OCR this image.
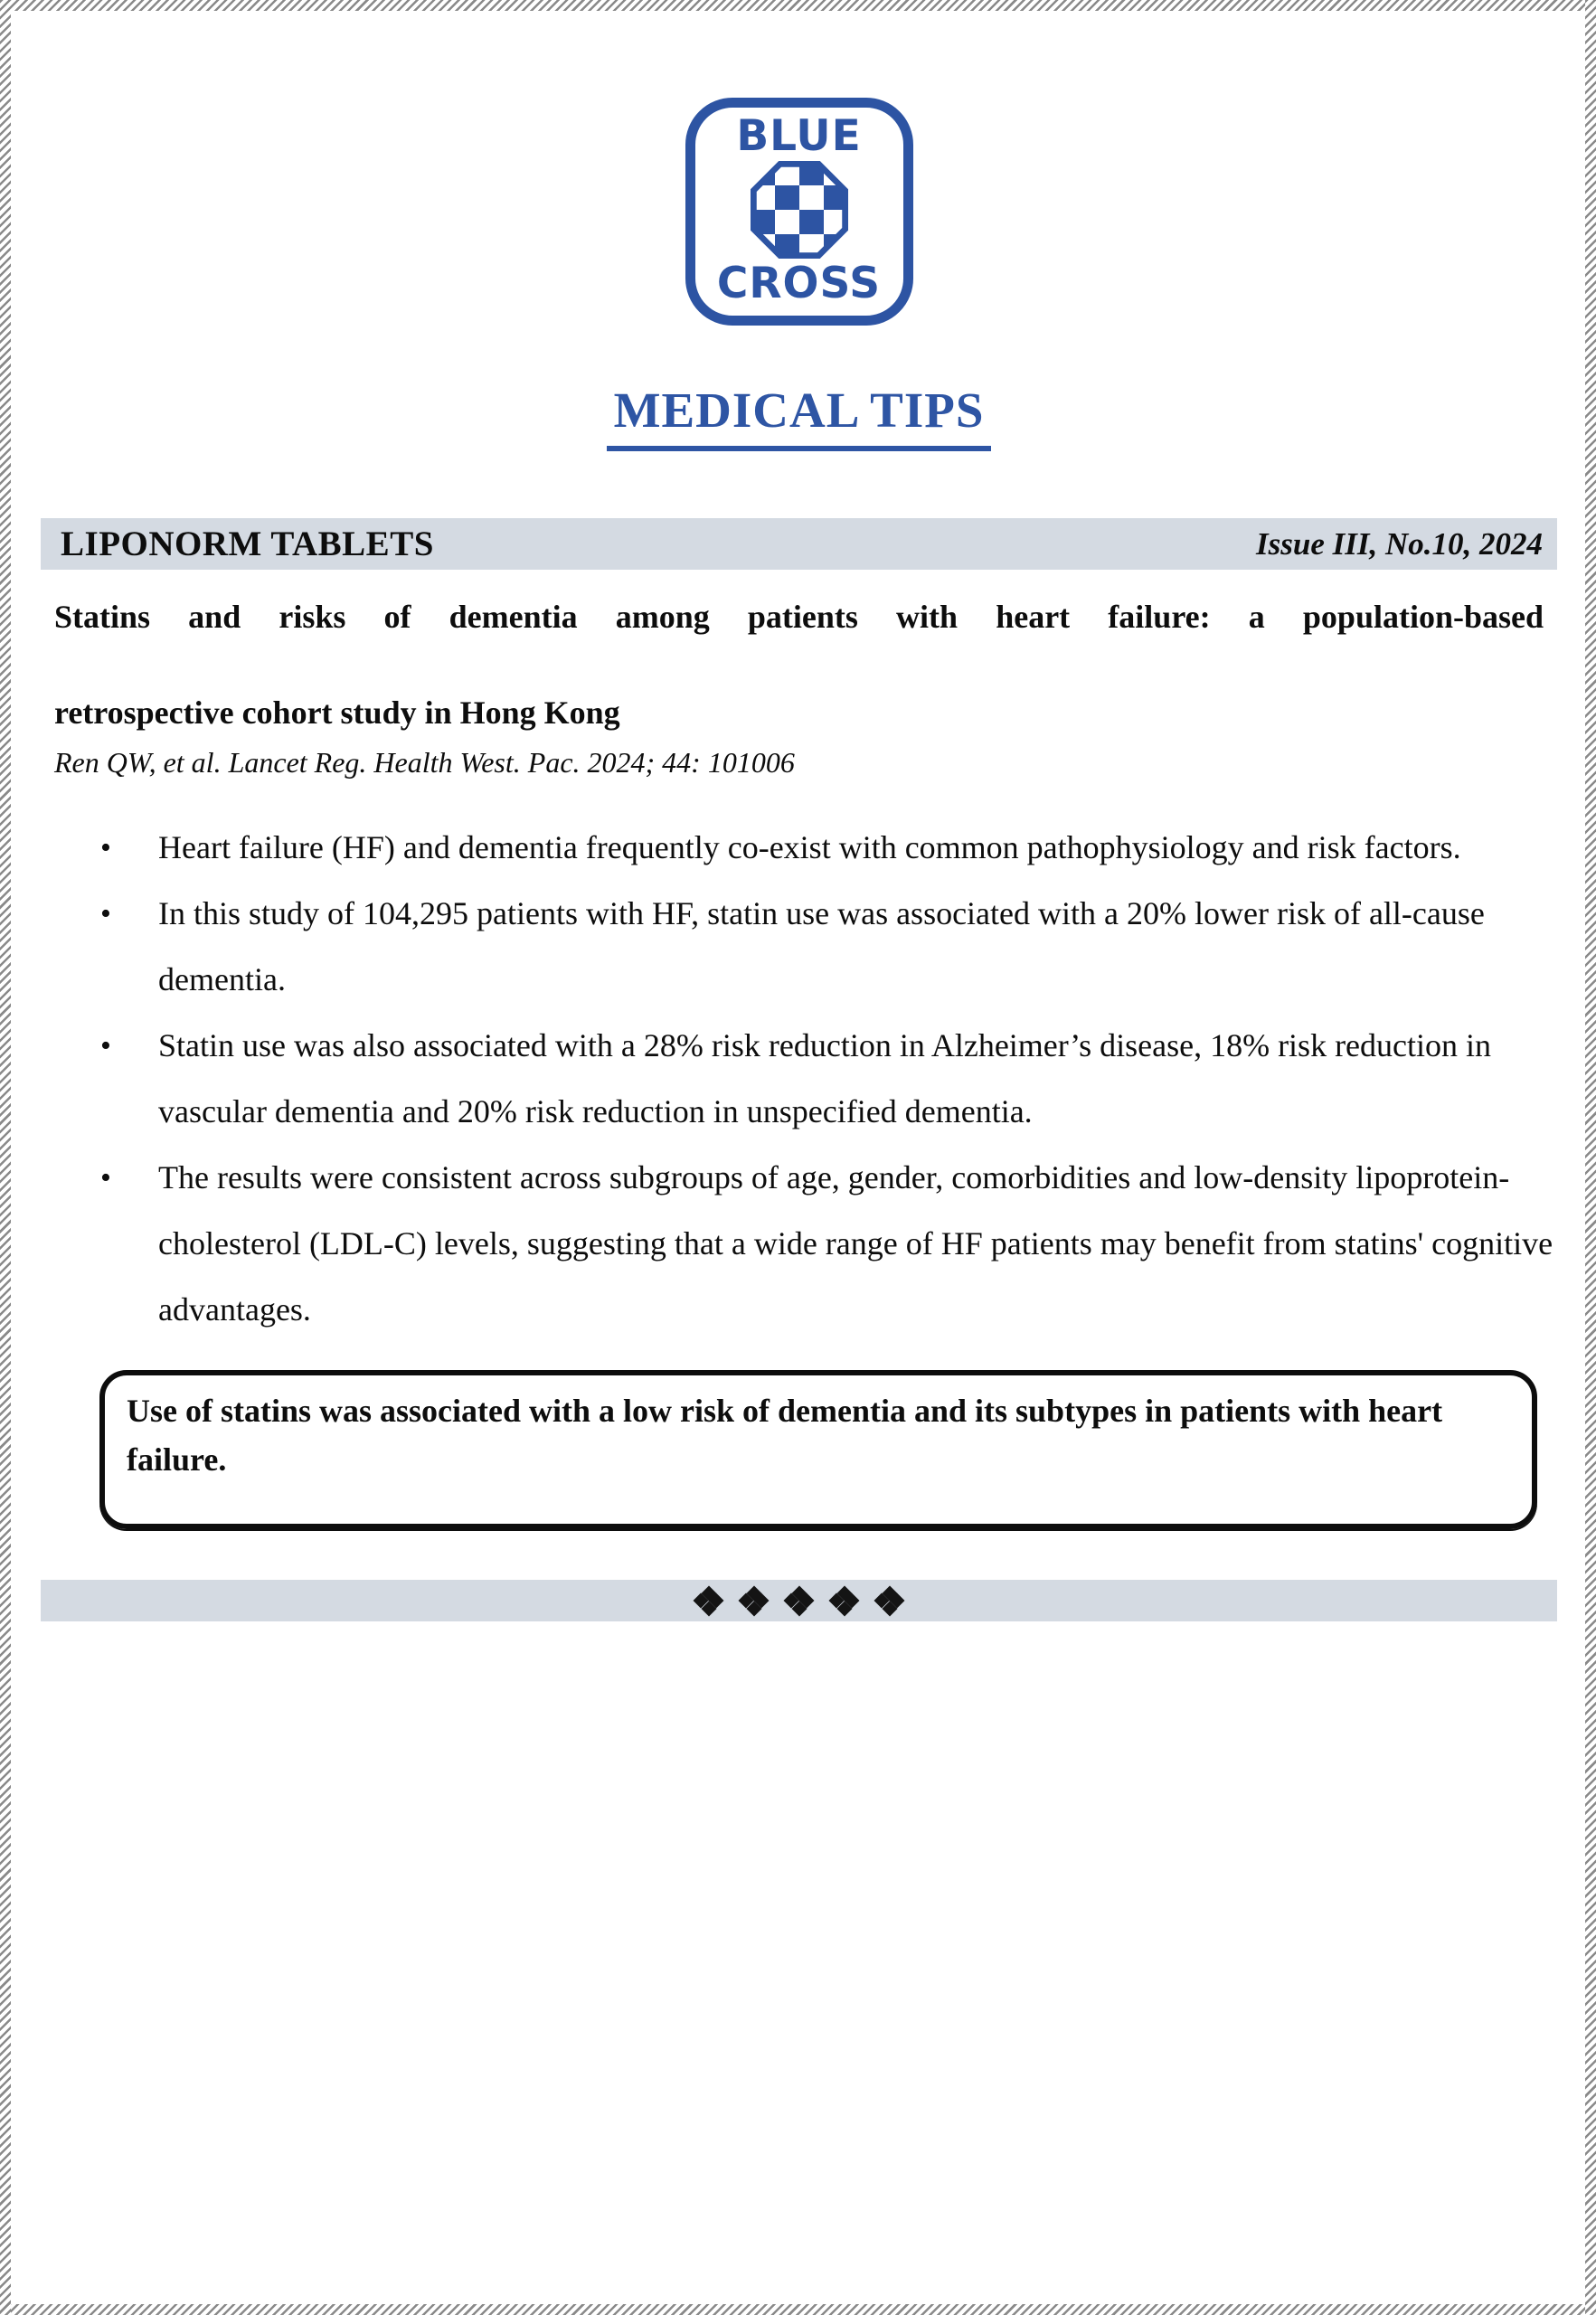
BLUE
CROSS
MEDICAL TIPS
LIPONORM TABLETS	Issue III, No.10, 2024
Statins and risks of dementia among patients with heart failure: a population-based
retrospective cohort study in Hong Kong
Ren QW, et al. Lancet Reg. Health West. Pac. 2024; 44: 101006
• Heart failure (HF) and dementia frequently co-exist with common pathophysiology and risk factors.
• In this study of 104,295 patients with HF, statin use was associated with a 20% lower risk of all-cause dementia.
• Statin use was also associated with a 28% risk reduction in Alzheimer’s disease, 18% risk reduction in vascular dementia and 20% risk reduction in unspecified dementia.
• The results were consistent across subgroups of age, gender, comorbidities and low-density lipoprotein-cholesterol (LDL-C) levels, suggesting that a wide range of HF patients may benefit from statins' cognitive advantages.
Use of statins was associated with a low risk of dementia and its subtypes in patients with heart failure.
